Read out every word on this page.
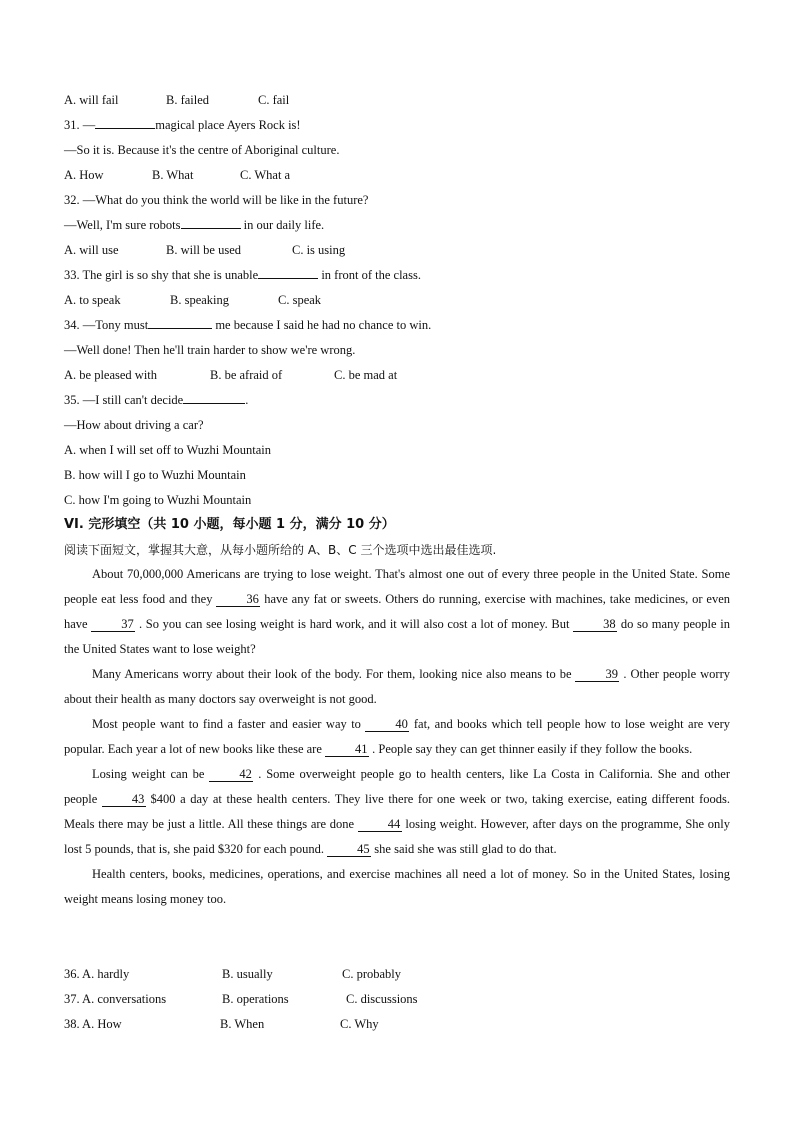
A. will fail	B. failed	C. fail
31. —	magical place Ayers Rock is!
—So it is. Because it's the centre of Aboriginal culture.
A. How	B. What	C. What a
32. —What do you think the world will be like in the future?
—Well, I'm sure robots	in our daily life.
A. will use	B. will be used	C. is using
33. The girl is so shy that she is unable	in front of the class.
A. to speak	B. speaking	C. speak
34. —Tony must	me because I said he had no chance to win.
—Well done! Then he'll train harder to show we're wrong.
A. be pleased with	B. be afraid of	C. be mad at
35. —I still can't decide	.
—How about driving a car?
A. when I will set off to Wuzhi Mountain
B. how will I go to Wuzhi Mountain
C. how I'm going to Wuzhi Mountain
VI. 完形填空（共 10 小题，每小题 1 分，满分 10 分）
阅读下面短文，掌握其大意，从每小题所给的 A、B、C 三个选项中选出最佳选项.

About 70,000,000 Americans are trying to lose weight. That's almost one out of every three people in the United State. Some people eat less food and they 36 have any fat or sweets. Others do running, exercise with machines, take medicines, or even have 37 . So you can see losing weight is hard work, and it will also cost a lot of money. But 38 do so many people in the United States want to lose weight?

Many Americans worry about their look of the body. For them, looking nice also means to be 39 . Other people worry about their health as many doctors say overweight is not good.

Most people want to find a faster and easier way to 40 fat, and books which tell people how to lose weight are very popular. Each year a lot of new books like these are 41 . People say they can get thinner easily if they follow the books.

Losing weight can be 42 . Some overweight people go to health centers, like La Costa in California. She and other people 43 $400 a day at these health centers. They live there for one week or two, taking exercise, eating different foods. Meals there may be just a little. All these things are done 44 losing weight. However, after days on the programme, She only lost 5 pounds, that is, she paid $320 for each pound. 45 she said she was still glad to do that.

Health centers, books, medicines, operations, and exercise machines all need a lot of money. So in the United States, losing weight means losing money too.

36. A. hardly	B. usually	C. probably
37. A. conversations	B. operations	C. discussions
38. A. How	B. When	C. Why
